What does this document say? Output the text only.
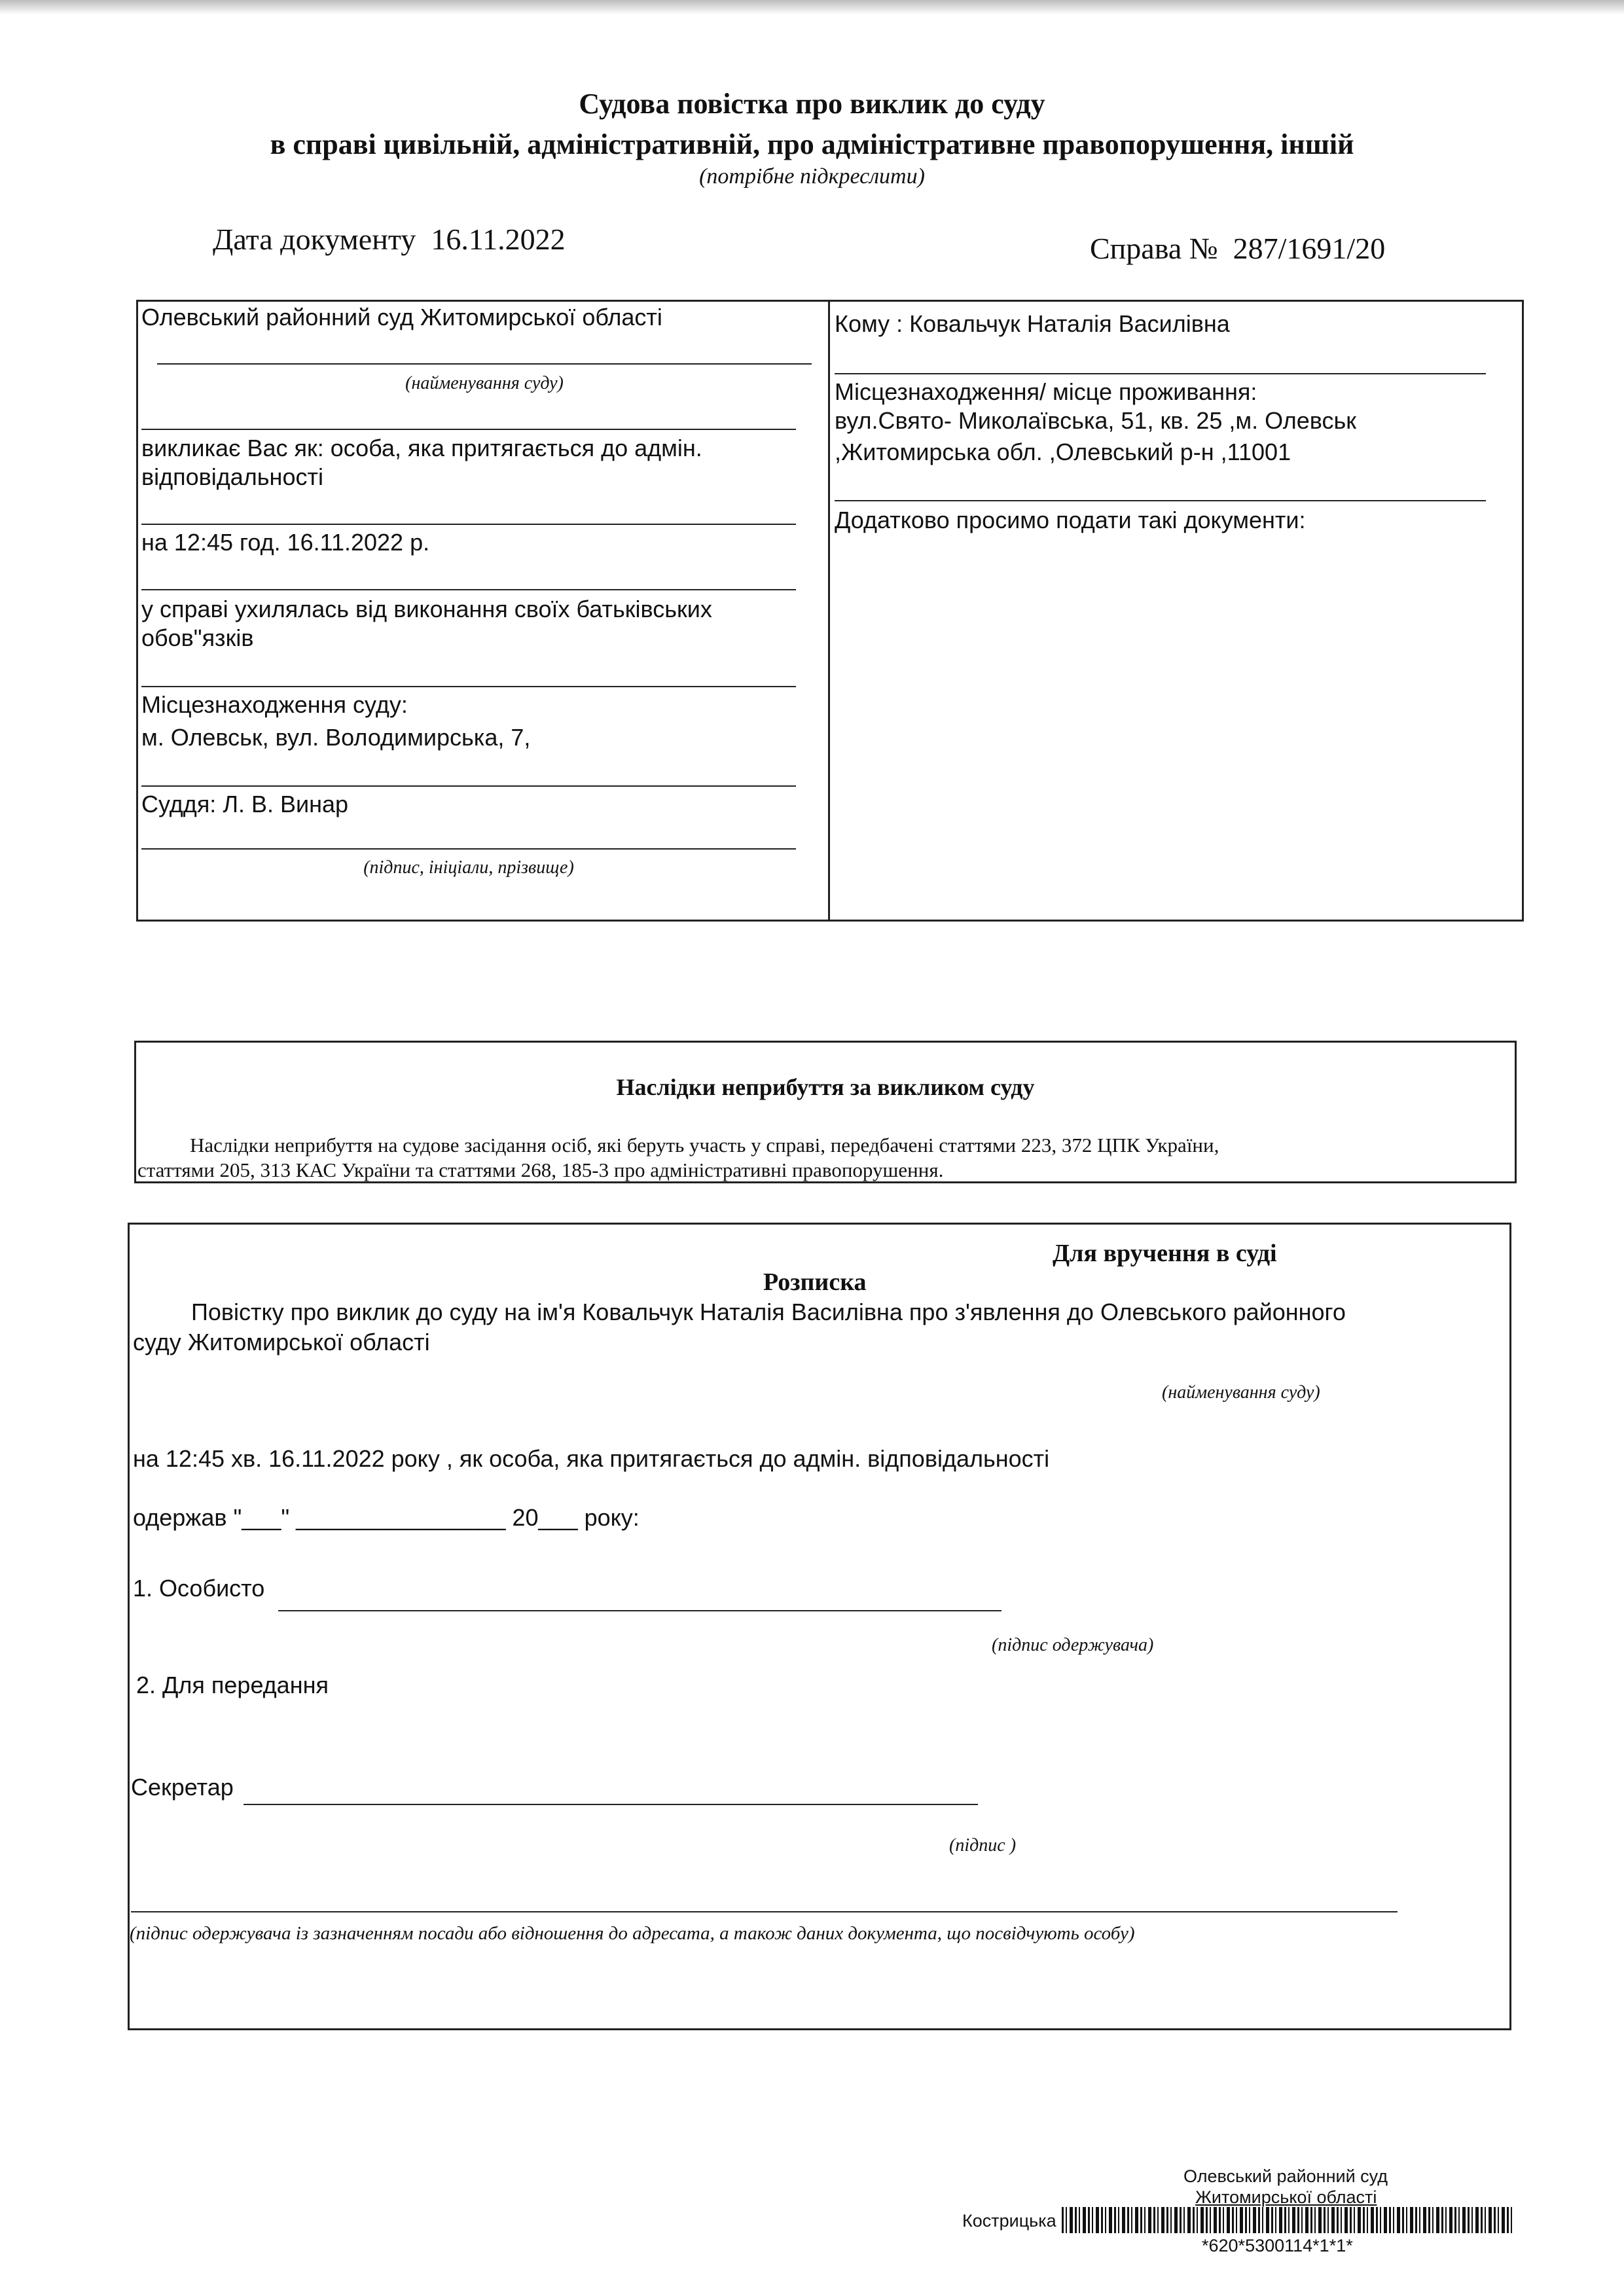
Судова повістка про виклик до суду
в справі цивільній, адміністративній, про адміністративне правопорушення, іншій
(потрібне підкреслити)
Дата документу 16.11.2022	Справа № 287/1691/20
Олевський районний суд Житомирської області
(найменування суду)
викликає Вас як: особа, яка притягається до адмін.
відповідальності
на 12:45 год. 16.11.2022 р.
у справі ухилялась від виконання своїх батьківських
обов"язків
Місцезнаходження суду:
м. Олевськ, вул. Володимирська, 7,
Суддя: Л. В. Винар
(підпис, ініціали, прізвище)
Кому : Ковальчук Наталія Василівна
Місцезнаходження/ місце проживання:
вул.Свято- Миколаївська, 51, кв. 25 ,м. Олевськ
,Житомирська обл. ,Олевський р-н ,11001
Додатково просимо подати такі документи:
Наслідки неприбуття за викликом суду
Наслідки неприбуття на судове засідання осіб, які беруть участь у справі, передбачені статтями 223, 372 ЦПК України,
статтями 205, 313 КАС України та статтями 268, 185-3 про адміністративні правопорушення.
Для вручення в суді
Розписка
Повістку про виклик до суду на ім'я Ковальчук Наталія Василівна про з'явлення до Олевського районного
суду Житомирської області
(найменування суду)
на 12:45 хв. 16.11.2022 року , як особа, яка притягається до адмін. відповідальності
одержав "___" ________________ 20___ року:
1. Особисто
(підпис одержувача)
2. Для передання
Секретар
(підпис )
(підпис одержувача із зазначенням посади або відношення до адресата, а також даних документа, що посвідчують особу)
Олевський районний суд
Житомирської області
Кострицька
*620*5300114*1*1*
